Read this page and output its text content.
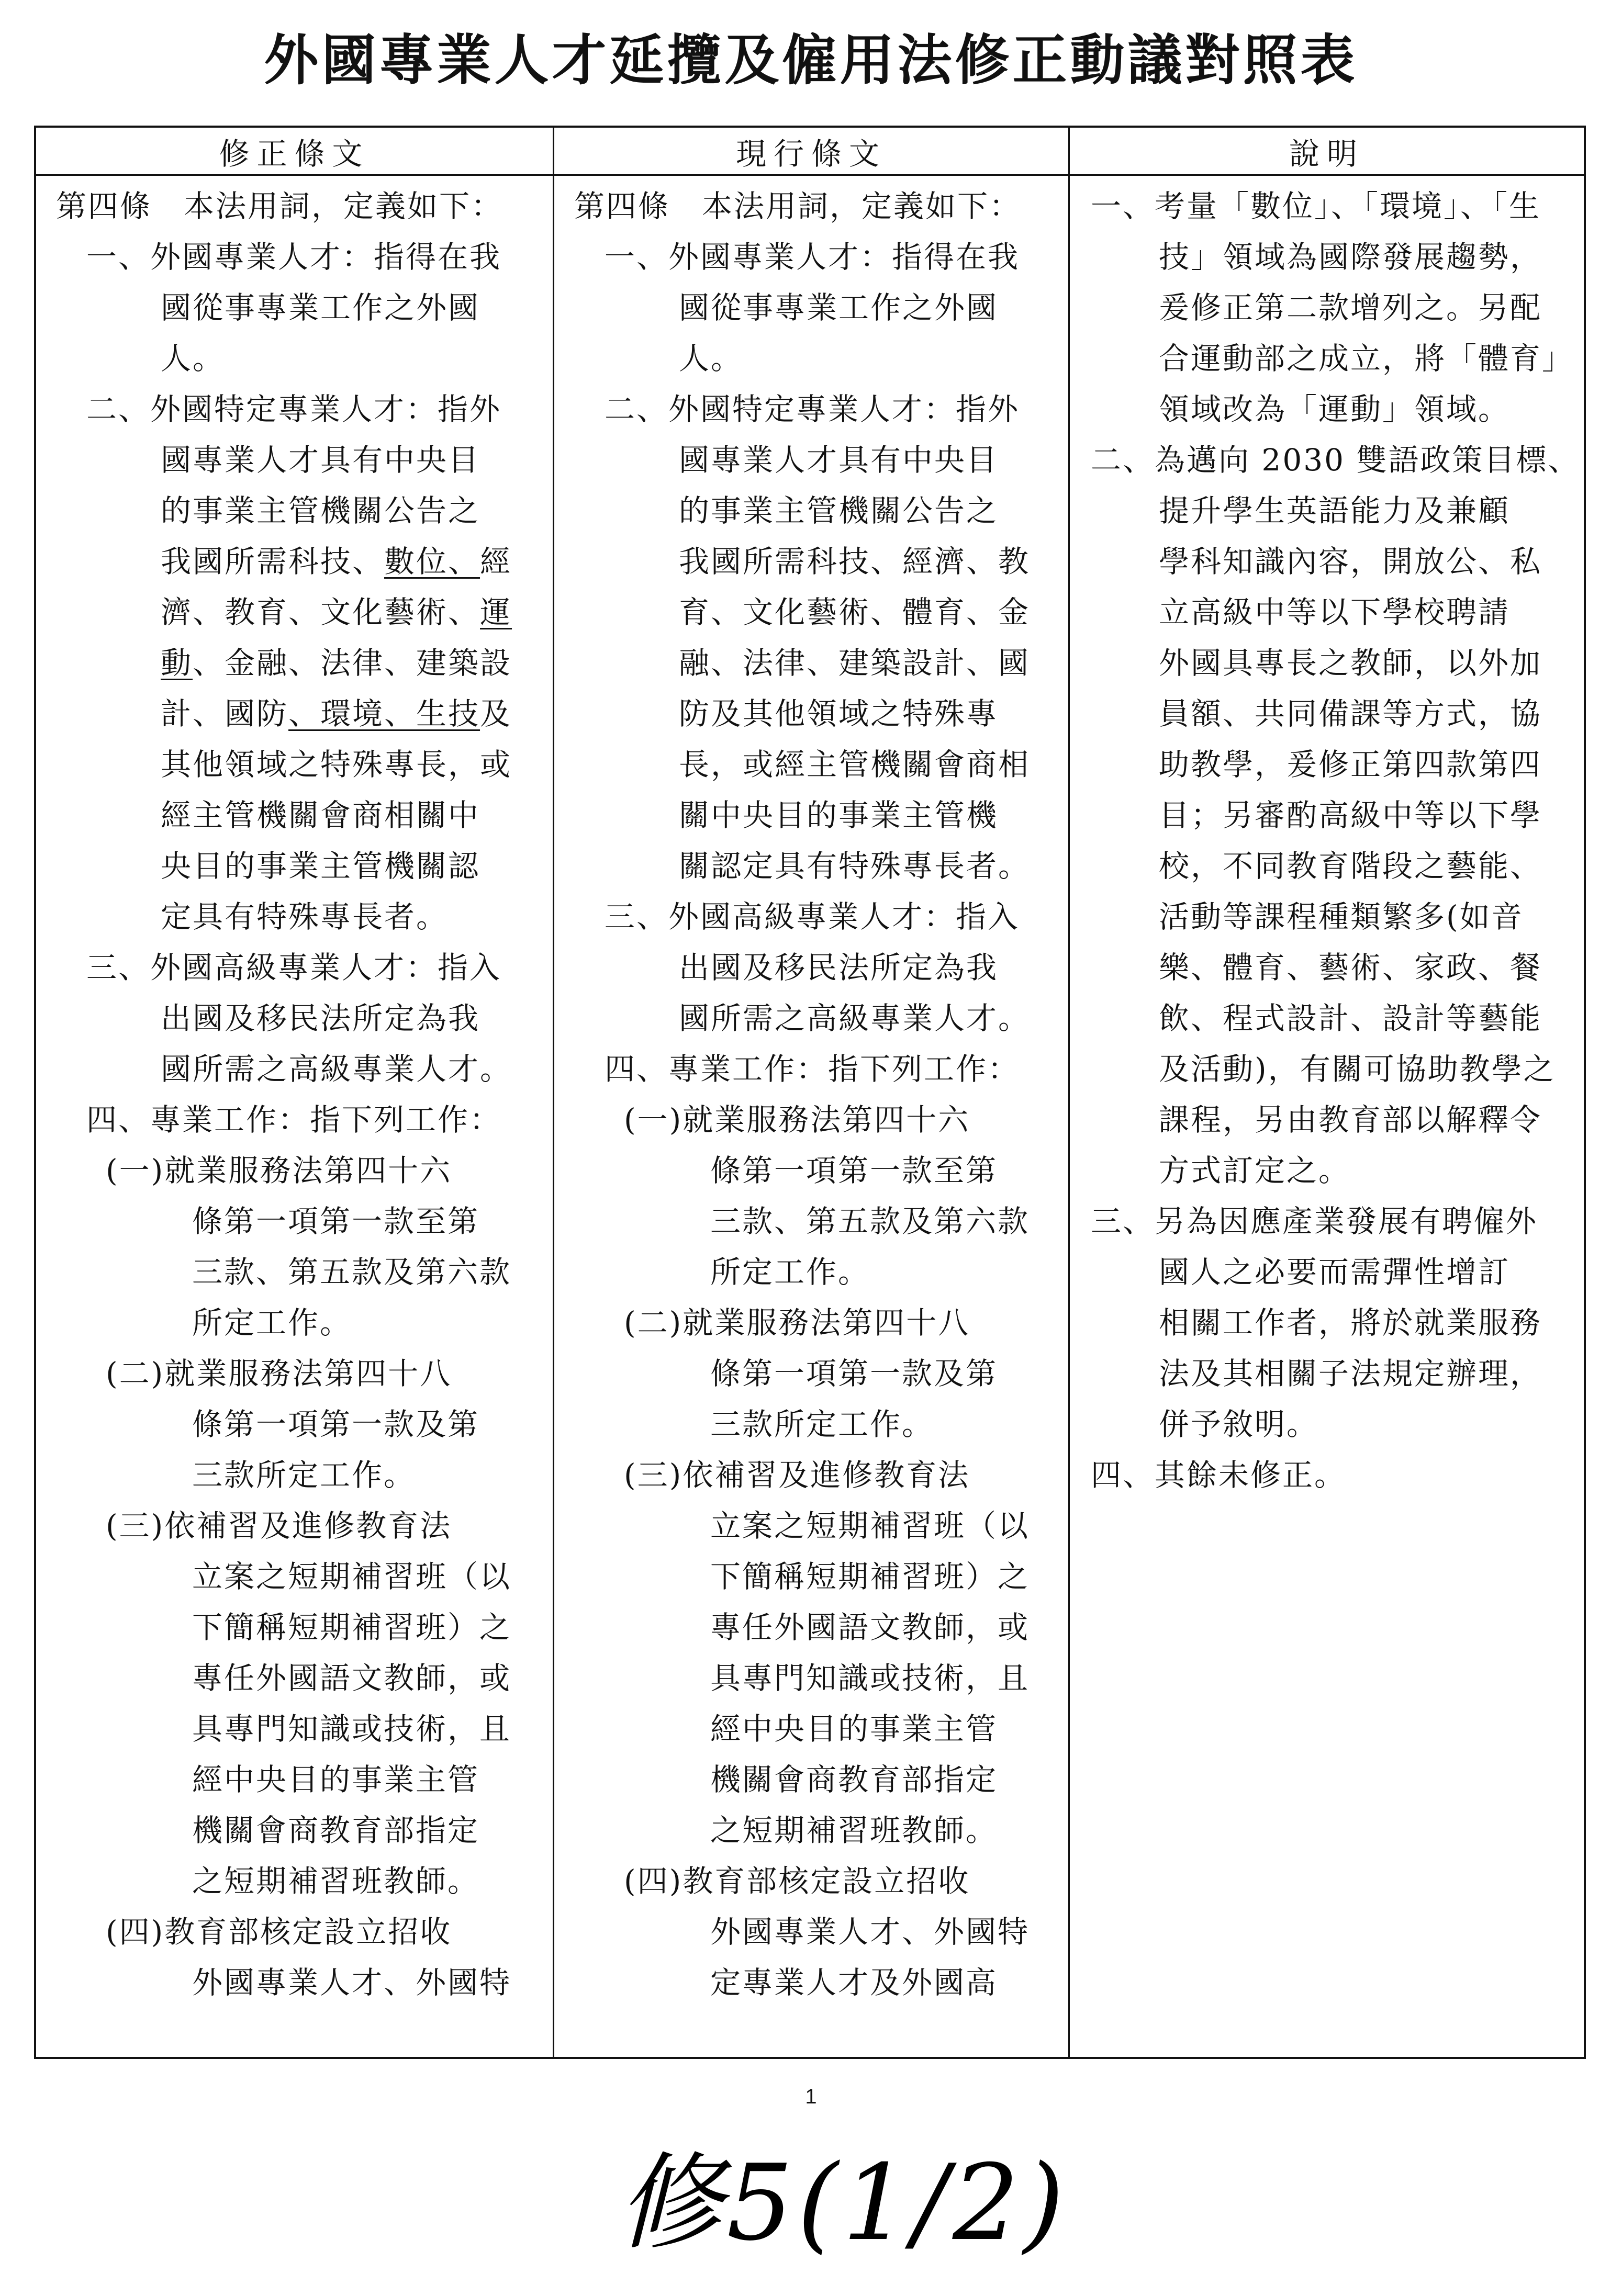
外國專業人才延攬及僱用法修正動議對照表
修正條文	現行條文	說明
第四條　本法用詞，定義如下：
一、外國專業人才：指得在我
國從事專業工作之外國
人。
二、外國特定專業人才：指外
國專業人才具有中央目
的事業主管機關公告之
我國所需科技、數位、經
濟、教育、文化藝術、運
動、金融、法律、建築設
計、國防、環境、生技及
其他領域之特殊專長，或
經主管機關會商相關中
央目的事業主管機關認
定具有特殊專長者。
三、外國高級專業人才：指入
出國及移民法所定為我
國所需之高級專業人才。
四、專業工作：指下列工作：
(一)就業服務法第四十六
條第一項第一款至第
三款、第五款及第六款
所定工作。
(二)就業服務法第四十八
條第一項第一款及第
三款所定工作。
(三)依補習及進修教育法
立案之短期補習班（以
下簡稱短期補習班）之
專任外國語文教師，或
具專門知識或技術，且
經中央目的事業主管
機關會商教育部指定
之短期補習班教師。
(四)教育部核定設立招收
外國專業人才、外國特
第四條　本法用詞，定義如下：
一、外國專業人才：指得在我
國從事專業工作之外國
人。
二、外國特定專業人才：指外
國專業人才具有中央目
的事業主管機關公告之
我國所需科技、經濟、教
育、文化藝術、體育、金
融、法律、建築設計、國
防及其他領域之特殊專
長，或經主管機關會商相
關中央目的事業主管機
關認定具有特殊專長者。
三、外國高級專業人才：指入
出國及移民法所定為我
國所需之高級專業人才。
四、專業工作：指下列工作：
(一)就業服務法第四十六
條第一項第一款至第
三款、第五款及第六款
所定工作。
(二)就業服務法第四十八
條第一項第一款及第
三款所定工作。
(三)依補習及進修教育法
立案之短期補習班（以
下簡稱短期補習班）之
專任外國語文教師，或
具專門知識或技術，且
經中央目的事業主管
機關會商教育部指定
之短期補習班教師。
(四)教育部核定設立招收
外國專業人才、外國特
定專業人才及外國高
一、考量「數位」、「環境」、「生
技」領域為國際發展趨勢，
爰修正第二款增列之。另配
合運動部之成立，將「體育」
領域改為「運動」領域。
二、為邁向 2030 雙語政策目標、
提升學生英語能力及兼顧
學科知識內容，開放公、私
立高級中等以下學校聘請
外國具專長之教師，以外加
員額、共同備課等方式，協
助教學，爰修正第四款第四
目；另審酌高級中等以下學
校，不同教育階段之藝能、
活動等課程種類繁多(如音
樂、體育、藝術、家政、餐
飲、程式設計、設計等藝能
及活動)，有關可協助教學之
課程，另由教育部以解釋令
方式訂定之。
三、另為因應產業發展有聘僱外
國人之必要而需彈性增訂
相關工作者，將於就業服務
法及其相關子法規定辦理，
併予敘明。
四、其餘未修正。
1
修5(1/2)
